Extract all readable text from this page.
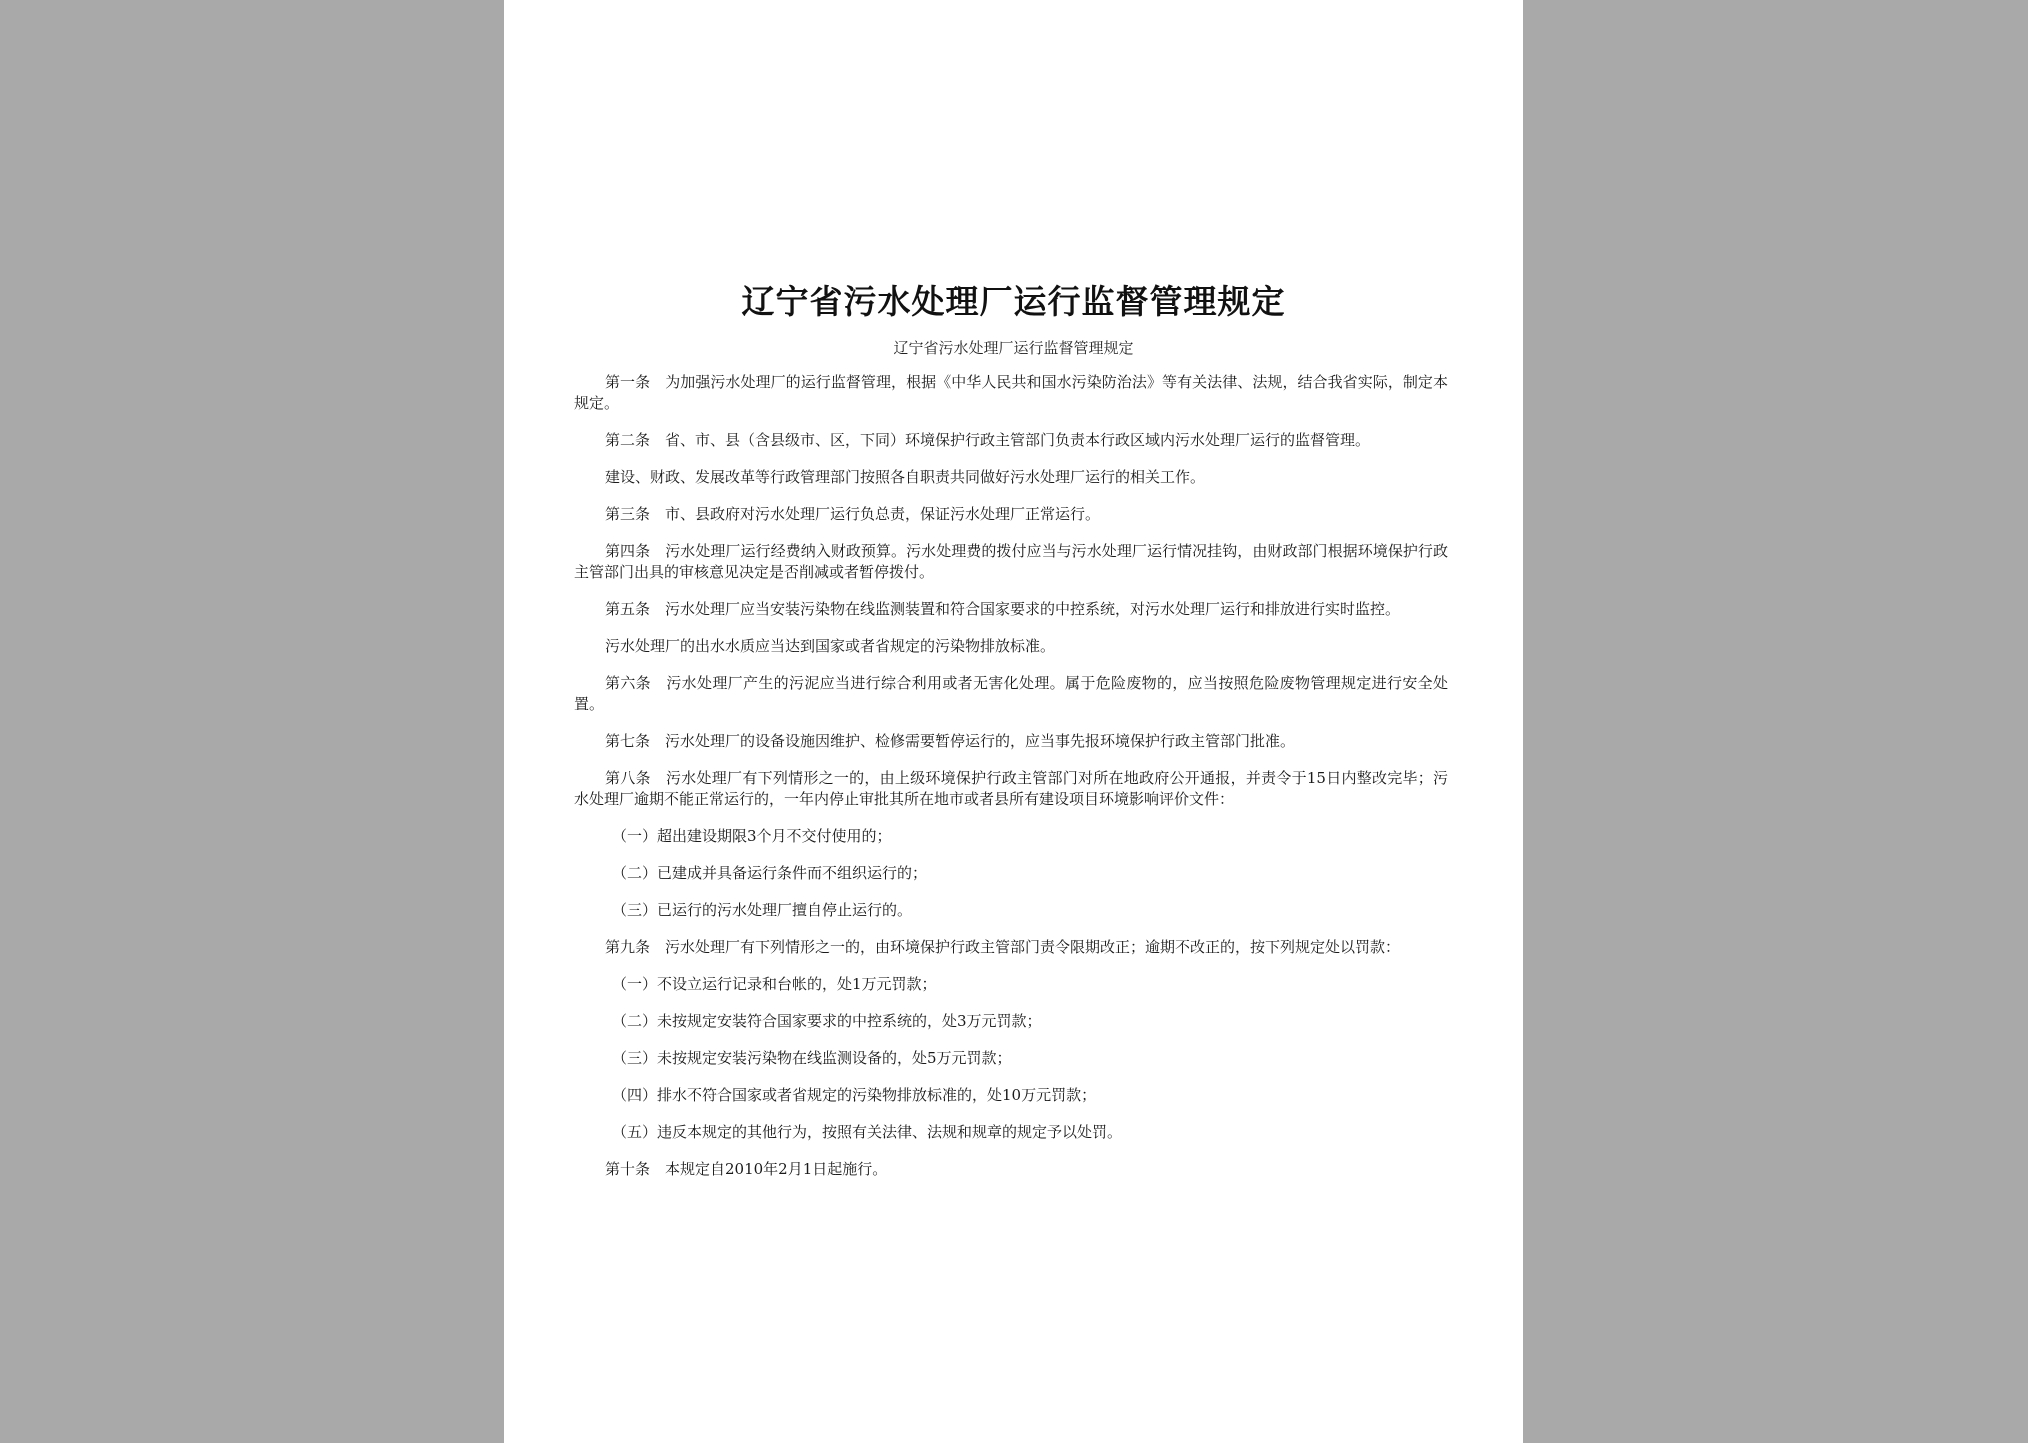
辽宁省污水处理厂运行监督管理规定
辽宁省污水处理厂运行监督管理规定

第一条　为加强污水处理厂的运行监督管理，根据《中华人民共和国水污染防治法》等有关法律、法规，结合我省实际，制定本规定。

第二条　省、市、县（含县级市、区，下同）环境保护行政主管部门负责本行政区域内污水处理厂运行的监督管理。

建设、财政、发展改革等行政管理部门按照各自职责共同做好污水处理厂运行的相关工作。

第三条　市、县政府对污水处理厂运行负总责，保证污水处理厂正常运行。

第四条　污水处理厂运行经费纳入财政预算。污水处理费的拨付应当与污水处理厂运行情况挂钩，由财政部门根据环境保护行政主管部门出具的审核意见决定是否削减或者暂停拨付。

第五条　污水处理厂应当安装污染物在线监测装置和符合国家要求的中控系统，对污水处理厂运行和排放进行实时监控。

污水处理厂的出水水质应当达到国家或者省规定的污染物排放标准。

第六条　污水处理厂产生的污泥应当进行综合利用或者无害化处理。属于危险废物的，应当按照危险废物管理规定进行安全处置。

第七条　污水处理厂的设备设施因维护、检修需要暂停运行的，应当事先报环境保护行政主管部门批准。

第八条　污水处理厂有下列情形之一的，由上级环境保护行政主管部门对所在地政府公开通报，并责令于15日内整改完毕；污水处理厂逾期不能正常运行的，一年内停止审批其所在地市或者县所有建设项目环境影响评价文件：

（一）超出建设期限3个月不交付使用的；

（二）已建成并具备运行条件而不组织运行的；

（三）已运行的污水处理厂擅自停止运行的。

第九条　污水处理厂有下列情形之一的，由环境保护行政主管部门责令限期改正；逾期不改正的，按下列规定处以罚款：

（一）不设立运行记录和台帐的，处1万元罚款；

（二）未按规定安装符合国家要求的中控系统的，处3万元罚款；

（三）未按规定安装污染物在线监测设备的，处5万元罚款；

（四）排水不符合国家或者省规定的污染物排放标准的，处10万元罚款；

（五）违反本规定的其他行为，按照有关法律、法规和规章的规定予以处罚。

第十条　本规定自2010年2月1日起施行。
